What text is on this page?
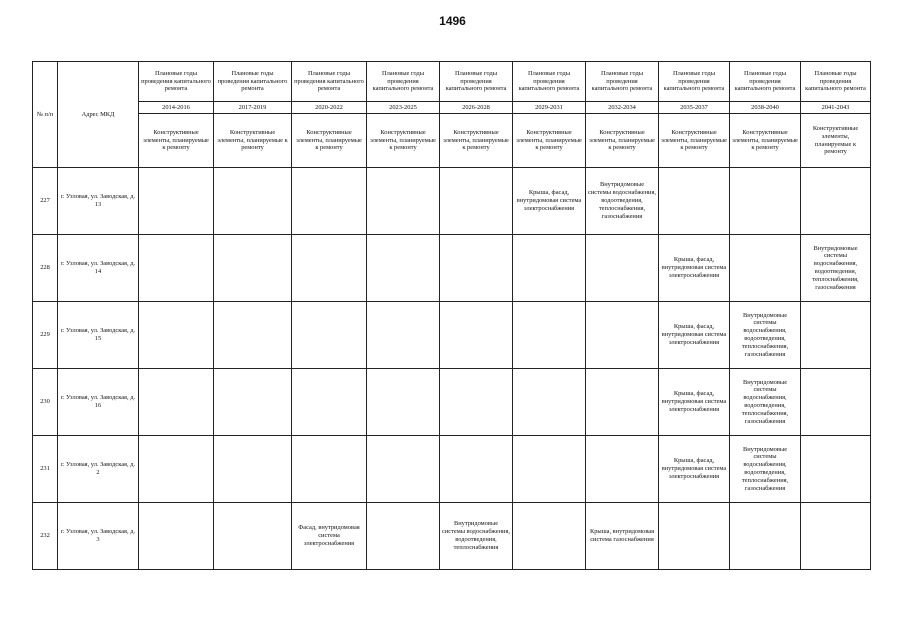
1496
№ п/п	Адрес МКД	Плановые годы проведения капитального ремонта	Плановые годы проведения капитального ремонта	Плановые годы проведения капитального ремонта	Плановые годы проведения капитального ремонта	Плановые годы проведения капитального ремонта	Плановые годы проведения капитального ремонта	Плановые годы проведения капитального ремонта	Плановые годы проведения капитального ремонта	Плановые годы проведения капитального ремонта	Плановые годы проведения капитального ремонта
		2014-2016	2017-2019	2020-2022	2023-2025	2026-2028	2029-2031	2032-2034	2035-2037	2038-2040	2041-2043
		Конструктивные элементы, планируемые к ремонту	Конструктивные элементы, планируемые к ремонту	Конструктивные элементы, планируемые к ремонту	Конструктивные элементы, планируемые к ремонту	Конструктивные элементы, планируемые к ремонту	Конструктивные элементы, планируемые к ремонту	Конструктивные элементы, планируемые к ремонту	Конструктивные элементы, планируемые к ремонту	Конструктивные элементы, планируемые к ремонту	Конструктивные элементы, планируемые к ремонту
227	г. Узловая, ул. Заводская, д. 13						Крыша, фасад, внутридомовая система электроснабжения	Внутридомовые системы водоснабжения, водоотведения, теплоснабжения, газоснабжения			
228	г. Узловая, ул. Заводская, д. 14								Крыша, фасад, внутридомовая система электроснабжения		Внутридомовые системы водоснабжения, водоотведения, теплоснабжения, газоснабжения
229	г. Узловая, ул. Заводская, д. 15								Крыша, фасад, внутридомовая система электроснабжения	Внутридомовые системы водоснабжения, водоотведения, теплоснабжения, газоснабжения	
230	г. Узловая, ул. Заводская, д. 16								Крыша, фасад, внутридомовая система электроснабжения	Внутридомовые системы водоснабжения, водоотведения, теплоснабжения, газоснабжения	
231	г. Узловая, ул. Заводская, д. 2								Крыша, фасад, внутридомовая система электроснабжения	Внутридомовые системы водоснабжения, водоотведения, теплоснабжения, газоснабжения	
232	г. Узловая, ул. Заводская, д. 3			Фасад, внутридомовая система электроснабжения		Внутридомовые системы водоснабжения, водоотведения, теплоснабжения		Крыша, внутридомовая система газоснабжения			
